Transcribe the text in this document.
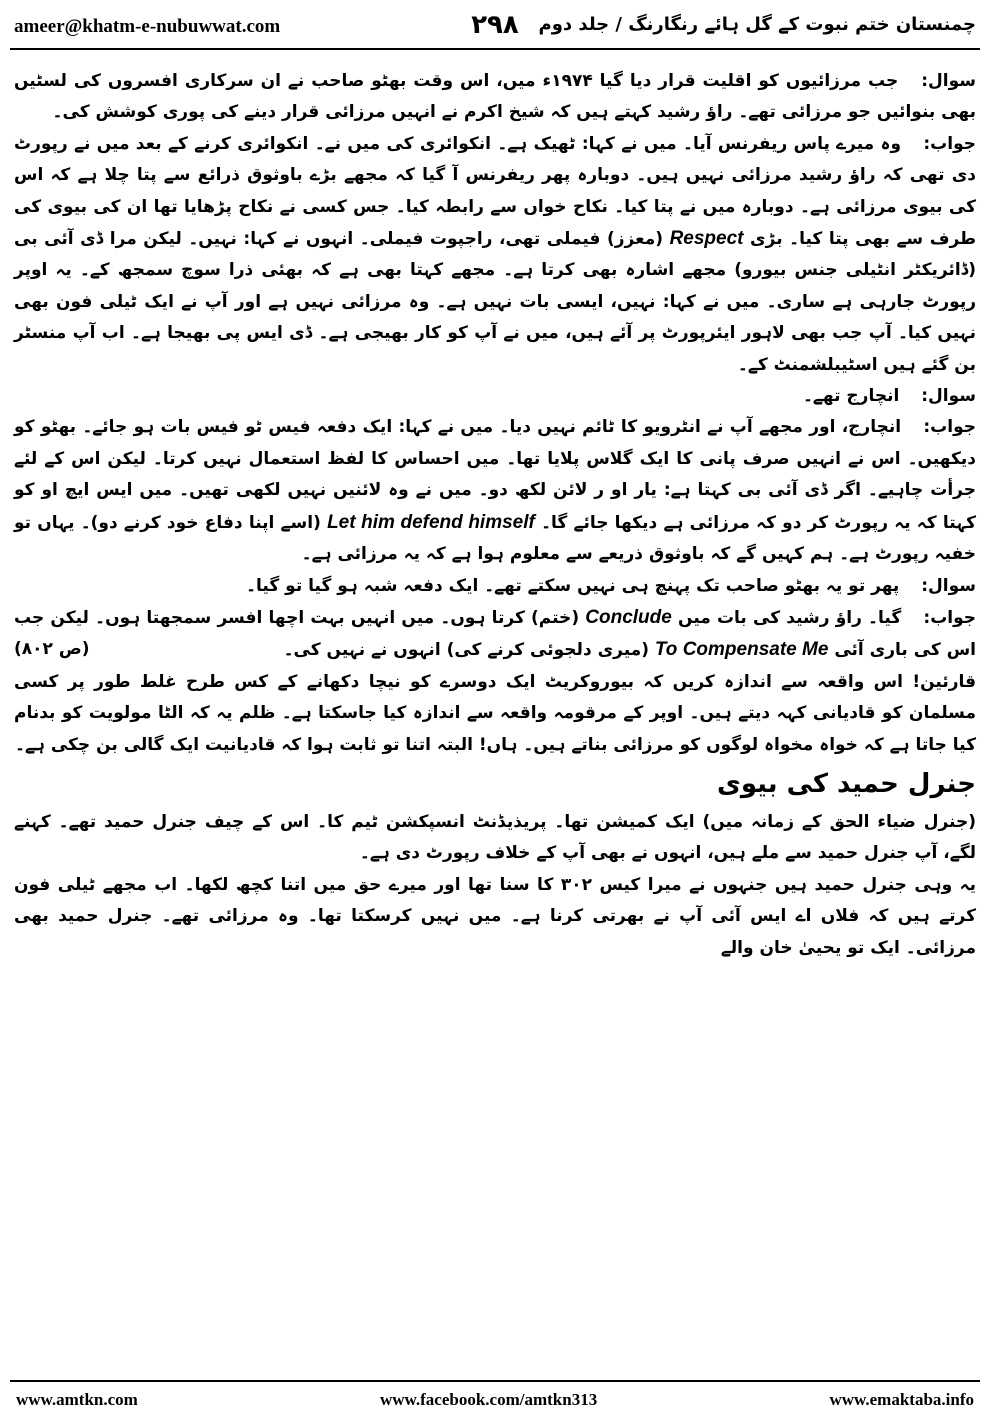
ameer@khatm-e-nubuwwat.com	۲۹۸	چمنستان ختم نبوت کے گل ہائے رنگارنگ / جلد دوم

سوال: جب مرزائیوں کو اقلیت قرار دیا گیا ۱۹۷۴ء میں، اس وقت بھٹو صاحب نے ان سرکاری افسروں کی لسٹیں بھی بنوائیں جو مرزائی تھے۔ راؤ رشید کہتے ہیں کہ شیخ اکرم نے انہیں مرزائی قرار دینے کی پوری کوشش کی۔

جواب: وہ میرے پاس ریفرنس آیا۔ میں نے کہا: ٹھیک ہے۔ انکوائری کی میں نے۔ انکوائری کرنے کے بعد میں نے رپورٹ دی تھی کہ راؤ رشید مرزائی نہیں ہیں۔ دوبارہ پھر ریفرنس آ گیا کہ مجھے بڑے باوثوق ذرائع سے پتا چلا ہے کہ اس کی بیوی مرزائی ہے۔ دوبارہ میں نے پتا کیا۔ نکاح خواں سے رابطہ کیا۔ جس کسی نے نکاح پڑھایا تھا ان کی بیوی کی طرف سے بھی پتا کیا۔ بڑی Respect (معزز) فیملی تھی، راجپوت فیملی۔ انہوں نے کہا: نہیں۔ لیکن مرا ڈی آئی بی (ڈائریکٹر انٹیلی جنس بیورو) مجھے اشارہ بھی کرتا ہے۔ مجھے کہتا بھی ہے کہ بھئی ذرا سوچ سمجھ کے۔ یہ اوپر رپورٹ جارہی ہے ساری۔ میں نے کہا: نہیں، ایسی بات نہیں ہے۔ وہ مرزائی نہیں ہے اور آپ نے ایک ٹیلی فون بھی نہیں کیا۔ آپ جب بھی لاہور ایئرپورٹ پر آئے ہیں، میں نے آپ کو کار بھیجی ہے۔ ڈی ایس پی بھیجا ہے۔ اب آپ منسٹر بن گئے ہیں اسٹیبلشمنٹ کے۔

سوال: انچارج تھے۔

جواب: انچارج، اور مجھے آپ نے انٹرویو کا ٹائم نہیں دیا۔ میں نے کہا: ایک دفعہ فیس ٹو فیس بات ہو جائے۔ بھٹو کو دیکھیں۔ اس نے انہیں صرف پانی کا ایک گلاس پلایا تھا۔ میں احساس کا لفظ استعمال نہیں کرتا۔ لیکن اس کے لئے جرأت چاہیے۔ اگر ڈی آئی بی کہتا ہے: یار او ر لائن لکھ دو۔ میں نے وہ لائنیں نہیں لکھی تھیں۔ میں ایس ایچ او کو کہتا کہ یہ رپورٹ کر دو کہ مرزائی ہے دیکھا جائے گا۔ Let him defend himself (اسے اپنا دفاع خود کرنے دو)۔ یہاں تو خفیہ رپورٹ ہے۔ ہم کہیں گے کہ باوثوق ذریعے سے معلوم ہوا ہے کہ یہ مرزائی ہے۔

سوال: پھر تو یہ بھٹو صاحب تک پہنچ ہی نہیں سکتے تھے۔ ایک دفعہ شبہ ہو گیا تو گیا۔

جواب: گیا۔ راؤ رشید کی بات میں Conclude (ختم) کرتا ہوں۔ میں انہیں بہت اچھا افسر سمجھتا ہوں۔ لیکن جب اس کی باری آئی To Compensate Me (میری دلجوئی کرنے کی) انہوں نے نہیں کی۔
(ص ۸۰۲)

قارئین! اس واقعہ سے اندازہ کریں کہ بیوروکریٹ ایک دوسرے کو نیچا دکھانے کے کس طرح غلط طور پر کسی مسلمان کو قادیانی کہہ دیتے ہیں۔ اوپر کے مرقومہ واقعہ سے اندازہ کیا جاسکتا ہے۔ ظلم یہ کہ الٹا مولویت کو بدنام کیا جاتا ہے کہ خواہ مخواہ لوگوں کو مرزائی بناتے ہیں۔ ہاں! البتہ اتنا تو ثابت ہوا کہ قادیانیت ایک گالی بن چکی ہے۔

جنرل حمید کی بیوی

(جنرل ضیاء الحق کے زمانہ میں) ایک کمیشن تھا۔ پریذیڈنٹ انسپکشن ٹیم کا۔ اس کے چیف جنرل حمید تھے۔ کہنے لگے، آپ جنرل حمید سے ملے ہیں، انہوں نے بھی آپ کے خلاف رپورٹ دی ہے۔

یہ وہی جنرل حمید ہیں جنہوں نے میرا کیس ۳۰۲ کا سنا تھا اور میرے حق میں اتنا کچھ لکھا۔ اب مجھے ٹیلی فون کرتے ہیں کہ فلاں اے ایس آئی آپ نے بھرتی کرنا ہے۔ میں نہیں کرسکتا تھا۔ وہ مرزائی تھے۔ جنرل حمید بھی مرزائی۔ ایک تو یحییٰ خان والے

www.amtkn.com	www.facebook.com/amtkn313	www.emaktaba.info
